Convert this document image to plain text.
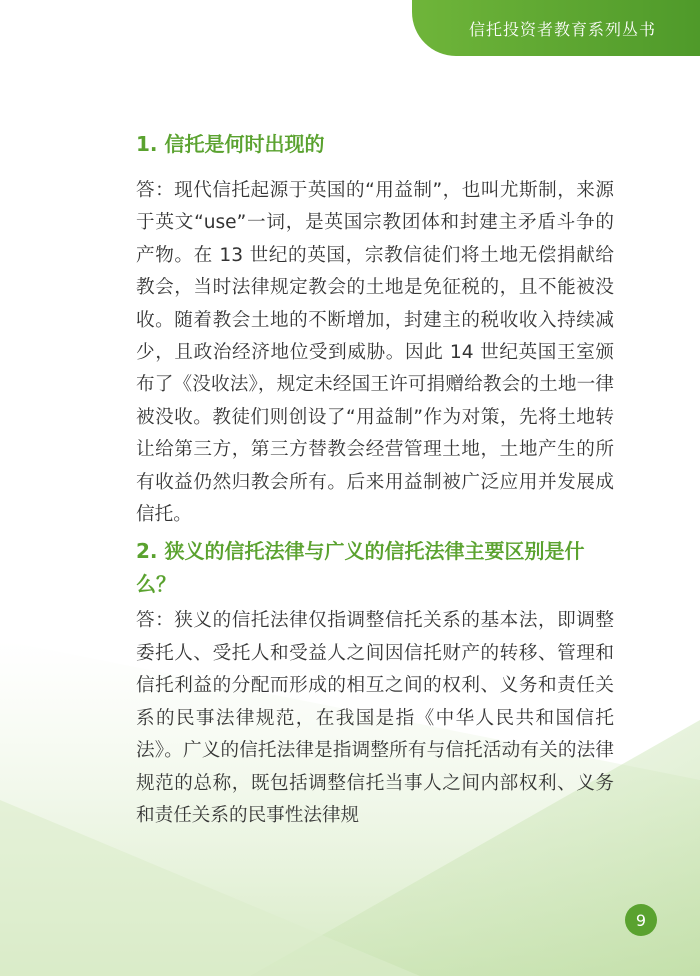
信托投资者教育系列丛书
1. 信托是何时出现的

答：现代信托起源于英国的“用益制”，也叫尤斯制，来源于英文“use”一词，是英国宗教团体和封建主矛盾斗争的产物。在 13 世纪的英国，宗教信徒们将土地无偿捐献给教会，当时法律规定教会的土地是免征税的，且不能被没收。随着教会土地的不断增加，封建主的税收收入持续减少，且政治经济地位受到威胁。因此 14 世纪英国王室颁布了《没收法》，规定未经国王许可捐赠给教会的土地一律被没收。教徒们则创设了“用益制”作为对策，先将土地转让给第三方，第三方替教会经营管理土地，土地产生的所有收益仍然归教会所有。后来用益制被广泛应用并发展成信托。

2. 狭义的信托法律与广义的信托法律主要区别是什么？

答：狭义的信托法律仅指调整信托关系的基本法，即调整委托人、受托人和受益人之间因信托财产的转移、管理和信托利益的分配而形成的相互之间的权利、义务和责任关系的民事法律规范，在我国是指《中华人民共和国信托法》。广义的信托法律是指调整所有与信托活动有关的法律规范的总称，既包括调整信托当事人之间内部权利、义务和责任关系的民事性法律规

9
